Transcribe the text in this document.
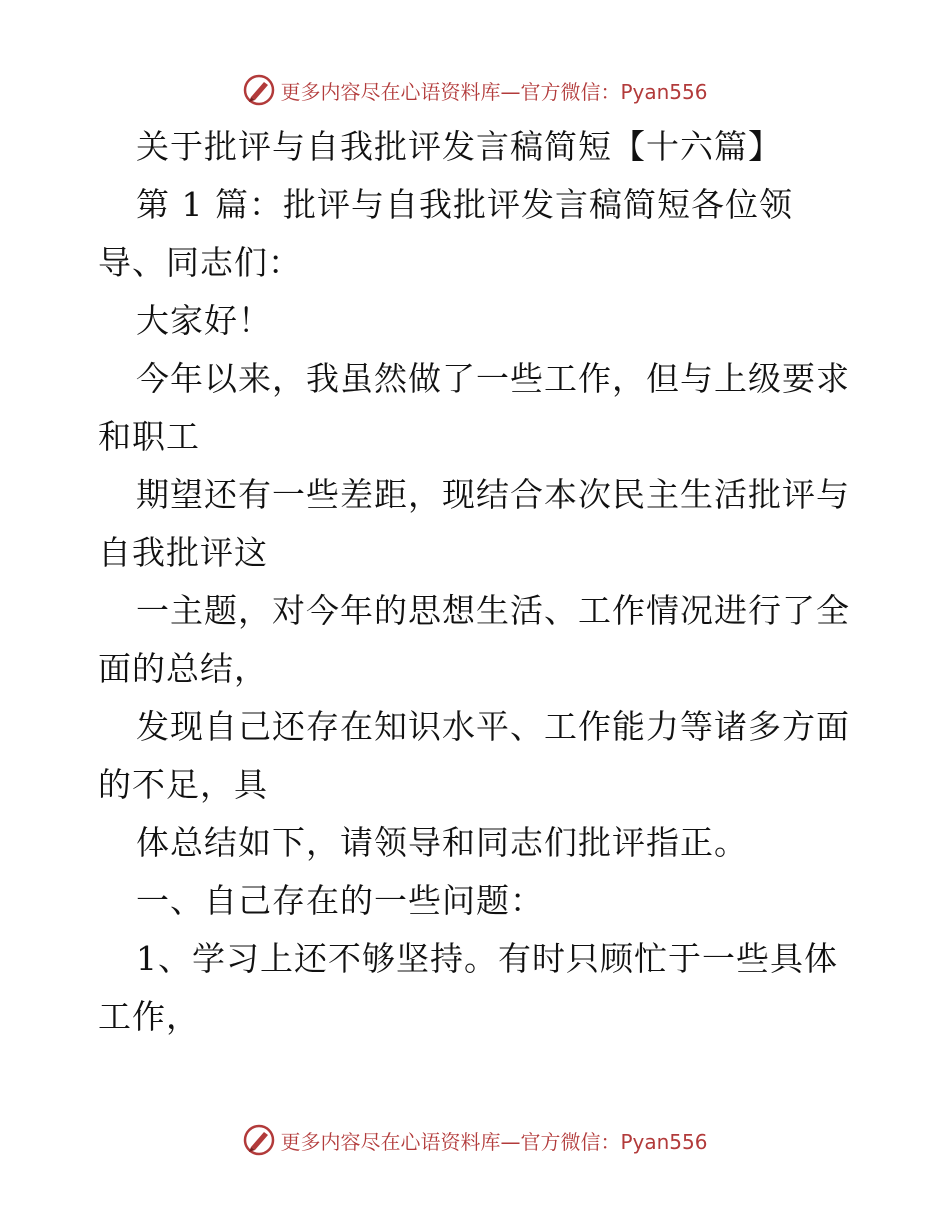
更多内容尽在心语资料库—官方微信：Pyan556
关于批评与自我批评发言稿简短【十六篇】
第 1 篇：批评与自我批评发言稿简短各位领
导、同志们：
大家好！
今年以来，我虽然做了一些工作，但与上级要求
和职工
期望还有一些差距，现结合本次民主生活批评与
自我批评这
一主题，对今年的思想生活、工作情况进行了全
面的总结，
发现自己还存在知识水平、工作能力等诸多方面
的不足，具
体总结如下，请领导和同志们批评指正。
一、自己存在的一些问题：
1、学习上还不够坚持。有时只顾忙于一些具体
工作，
更多内容尽在心语资料库—官方微信：Pyan556
